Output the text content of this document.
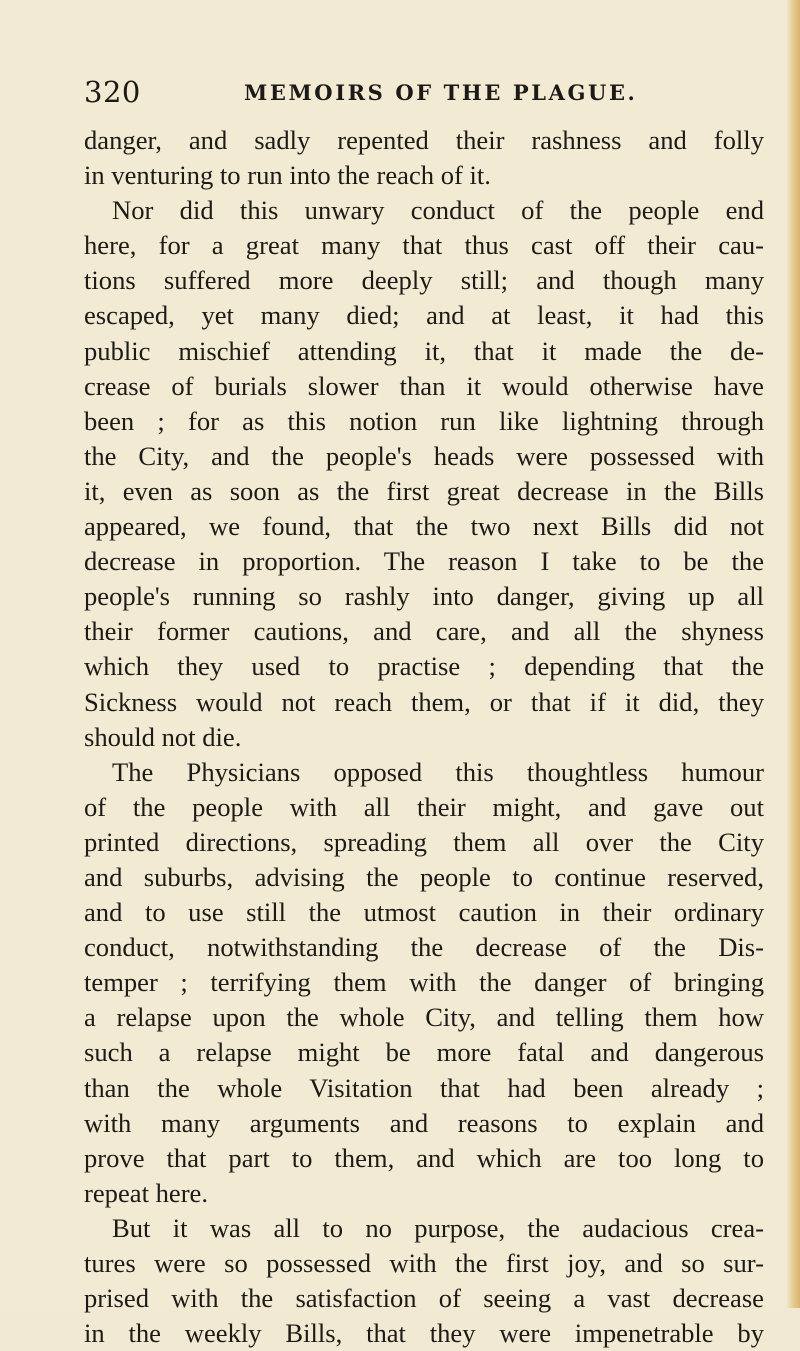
320	MEMOIRS OF THE PLAGUE.
danger, and sadly repented their rashness and folly
in venturing to run into the reach of it.
Nor did this unwary conduct of the people end
here, for a great many that thus cast off their cau-
tions suffered more deeply still; and though many
escaped, yet many died; and at least, it had this
public mischief attending it, that it made the de-
crease of burials slower than it would otherwise have
been ; for as this notion run like lightning through
the City, and the people's heads were possessed with
it, even as soon as the first great decrease in the Bills
appeared, we found, that the two next Bills did not
decrease in proportion. The reason I take to be the
people's running so rashly into danger, giving up all
their former cautions, and care, and all the shyness
which they used to practise ; depending that the
Sickness would not reach them, or that if it did, they
should not die.
The Physicians opposed this thoughtless humour
of the people with all their might, and gave out
printed directions, spreading them all over the City
and suburbs, advising the people to continue reserved,
and to use still the utmost caution in their ordinary
conduct, notwithstanding the decrease of the Dis-
temper ; terrifying them with the danger of bringing
a relapse upon the whole City, and telling them how
such a relapse might be more fatal and dangerous
than the whole Visitation that had been already ;
with many arguments and reasons to explain and
prove that part to them, and which are too long to
repeat here.
But it was all to no purpose, the audacious crea-
tures were so possessed with the first joy, and so sur-
prised with the satisfaction of seeing a vast decrease
in the weekly Bills, that they were impenetrable by
